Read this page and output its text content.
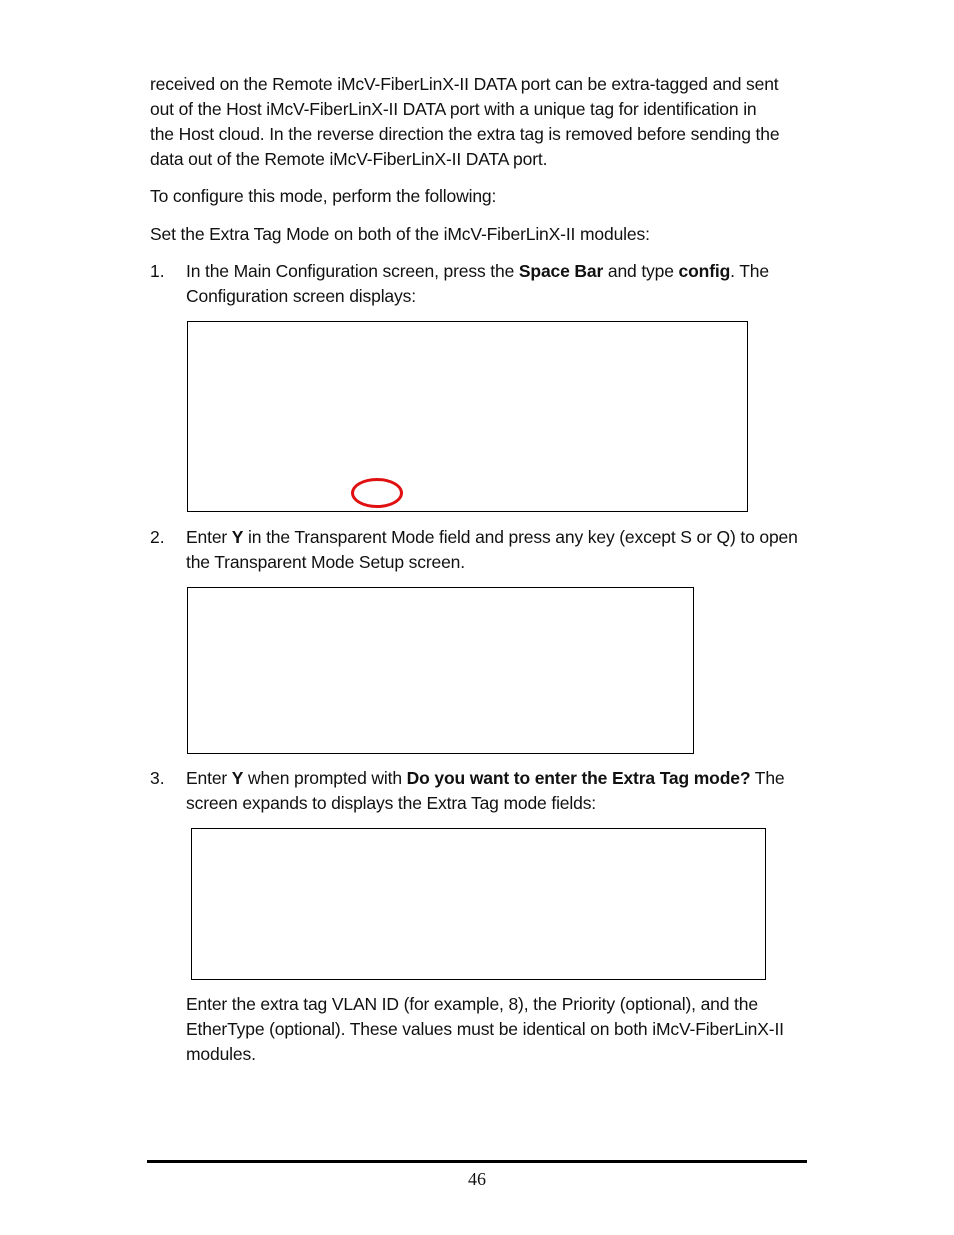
received on the Remote iMcV-FiberLinX-II DATA port can be extra-tagged and sent
out of the Host iMcV-FiberLinX-II DATA port with a unique tag for identification in
the Host cloud. In the reverse direction the extra tag is removed before sending the
data out of the Remote iMcV-FiberLinX-II DATA port.
To configure this mode, perform the following:
Set the Extra Tag Mode on both of the iMcV-FiberLinX-II modules:
1. In the Main Configuration screen, press the Space Bar and type config. The
Configuration screen displays:
2. Enter Y in the Transparent Mode field and press any key (except S or Q) to open
the Transparent Mode Setup screen.
3. Enter Y when prompted with Do you want to enter the Extra Tag mode? The
screen expands to displays the Extra Tag mode fields:
Enter the extra tag VLAN ID (for example, 8), the Priority (optional), and the
EtherType (optional). These values must be identical on both iMcV-FiberLinX-II
modules.
46
